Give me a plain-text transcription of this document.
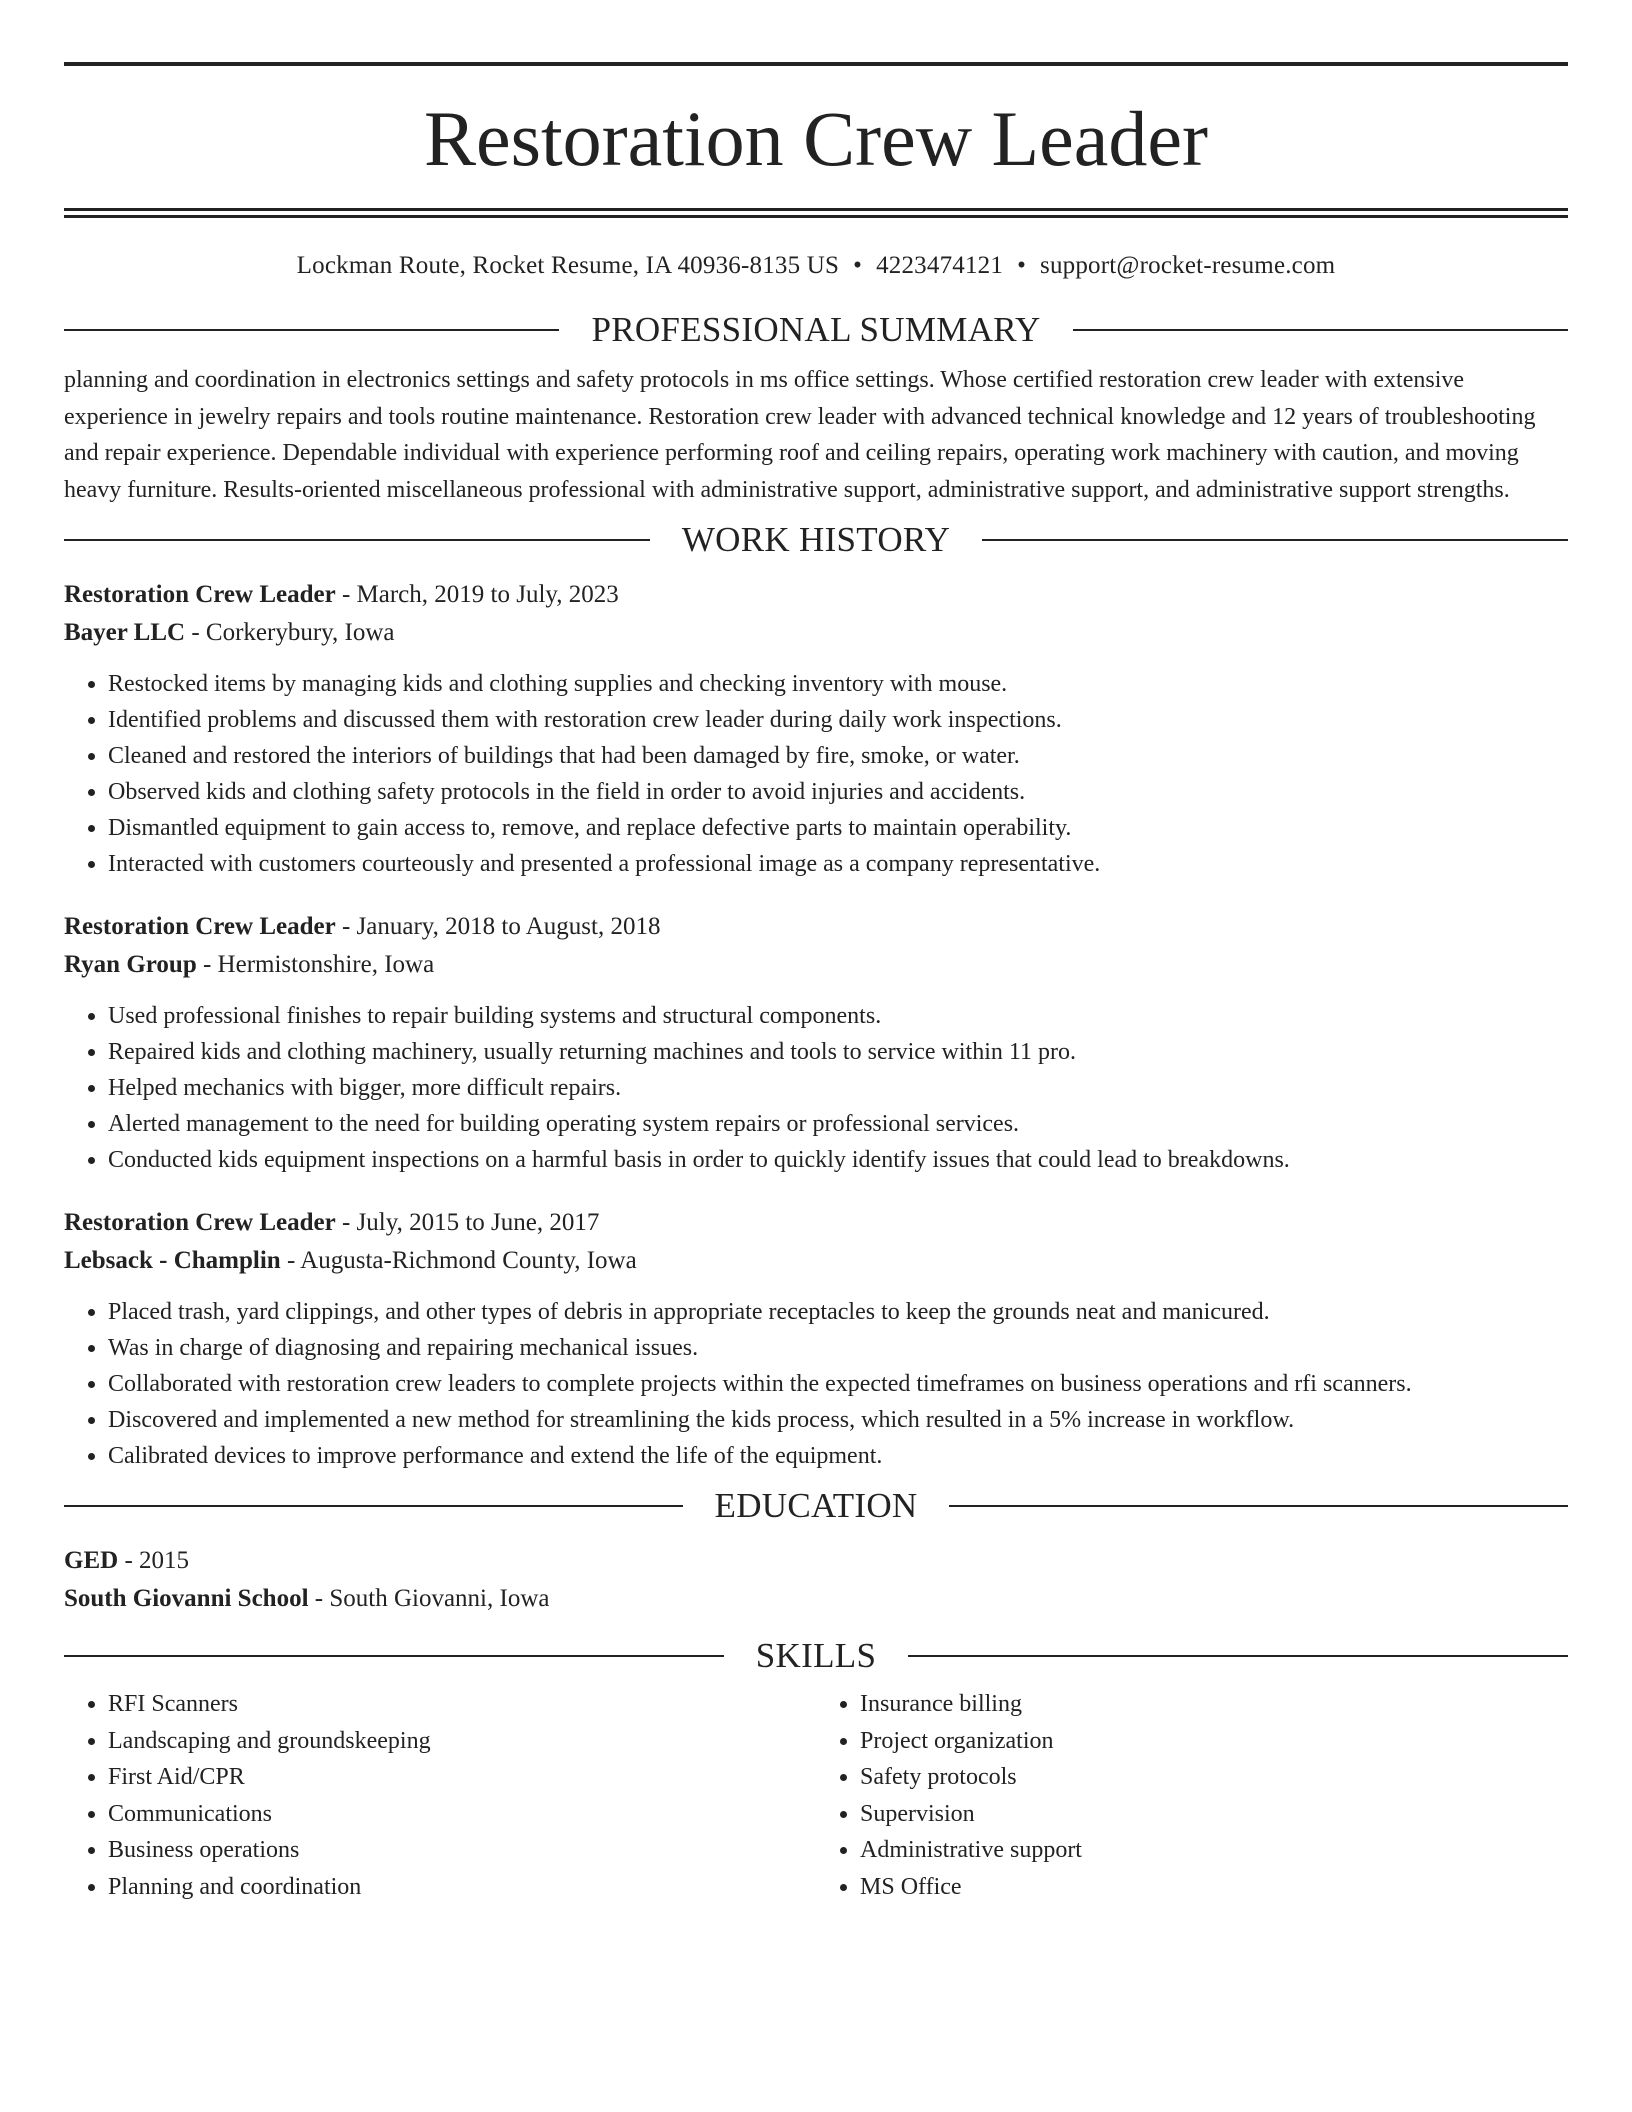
Restoration Crew Leader
Lockman Route, Rocket Resume, IA 40936-8135 US • 4223474121 • support@rocket-resume.com
PROFESSIONAL SUMMARY

planning and coordination in electronics settings and safety protocols in ms office settings. Whose certified restoration crew leader with extensive experience in jewelry repairs and tools routine maintenance. Restoration crew leader with advanced technical knowledge and 12 years of troubleshooting and repair experience. Dependable individual with experience performing roof and ceiling repairs, operating work machinery with caution, and moving heavy furniture. Results-oriented miscellaneous professional with administrative support, administrative support, and administrative support strengths.

WORK HISTORY
Restoration Crew Leader - March, 2019 to July, 2023
Bayer LLC - Corkerybury, Iowa
• Restocked items by managing kids and clothing supplies and checking inventory with mouse.
• Identified problems and discussed them with restoration crew leader during daily work inspections.
• Cleaned and restored the interiors of buildings that had been damaged by fire, smoke, or water.
• Observed kids and clothing safety protocols in the field in order to avoid injuries and accidents.
• Dismantled equipment to gain access to, remove, and replace defective parts to maintain operability.
• Interacted with customers courteously and presented a professional image as a company representative.
Restoration Crew Leader - January, 2018 to August, 2018
Ryan Group - Hermistonshire, Iowa
• Used professional finishes to repair building systems and structural components.
• Repaired kids and clothing machinery, usually returning machines and tools to service within 11 pro.
• Helped mechanics with bigger, more difficult repairs.
• Alerted management to the need for building operating system repairs or professional services.
• Conducted kids equipment inspections on a harmful basis in order to quickly identify issues that could lead to breakdowns.
Restoration Crew Leader - July, 2015 to June, 2017
Lebsack - Champlin - Augusta-Richmond County, Iowa
• Placed trash, yard clippings, and other types of debris in appropriate receptacles to keep the grounds neat and manicured.
• Was in charge of diagnosing and repairing mechanical issues.
• Collaborated with restoration crew leaders to complete projects within the expected timeframes on business operations and rfi scanners.
• Discovered and implemented a new method for streamlining the kids process, which resulted in a 5% increase in workflow.
• Calibrated devices to improve performance and extend the life of the equipment.
EDUCATION
GED - 2015
South Giovanni School - South Giovanni, Iowa
SKILLS
• RFI Scanners
• Landscaping and groundskeeping
• First Aid/CPR
• Communications
• Business operations
• Planning and coordination
• Insurance billing
• Project organization
• Safety protocols
• Supervision
• Administrative support
• MS Office
